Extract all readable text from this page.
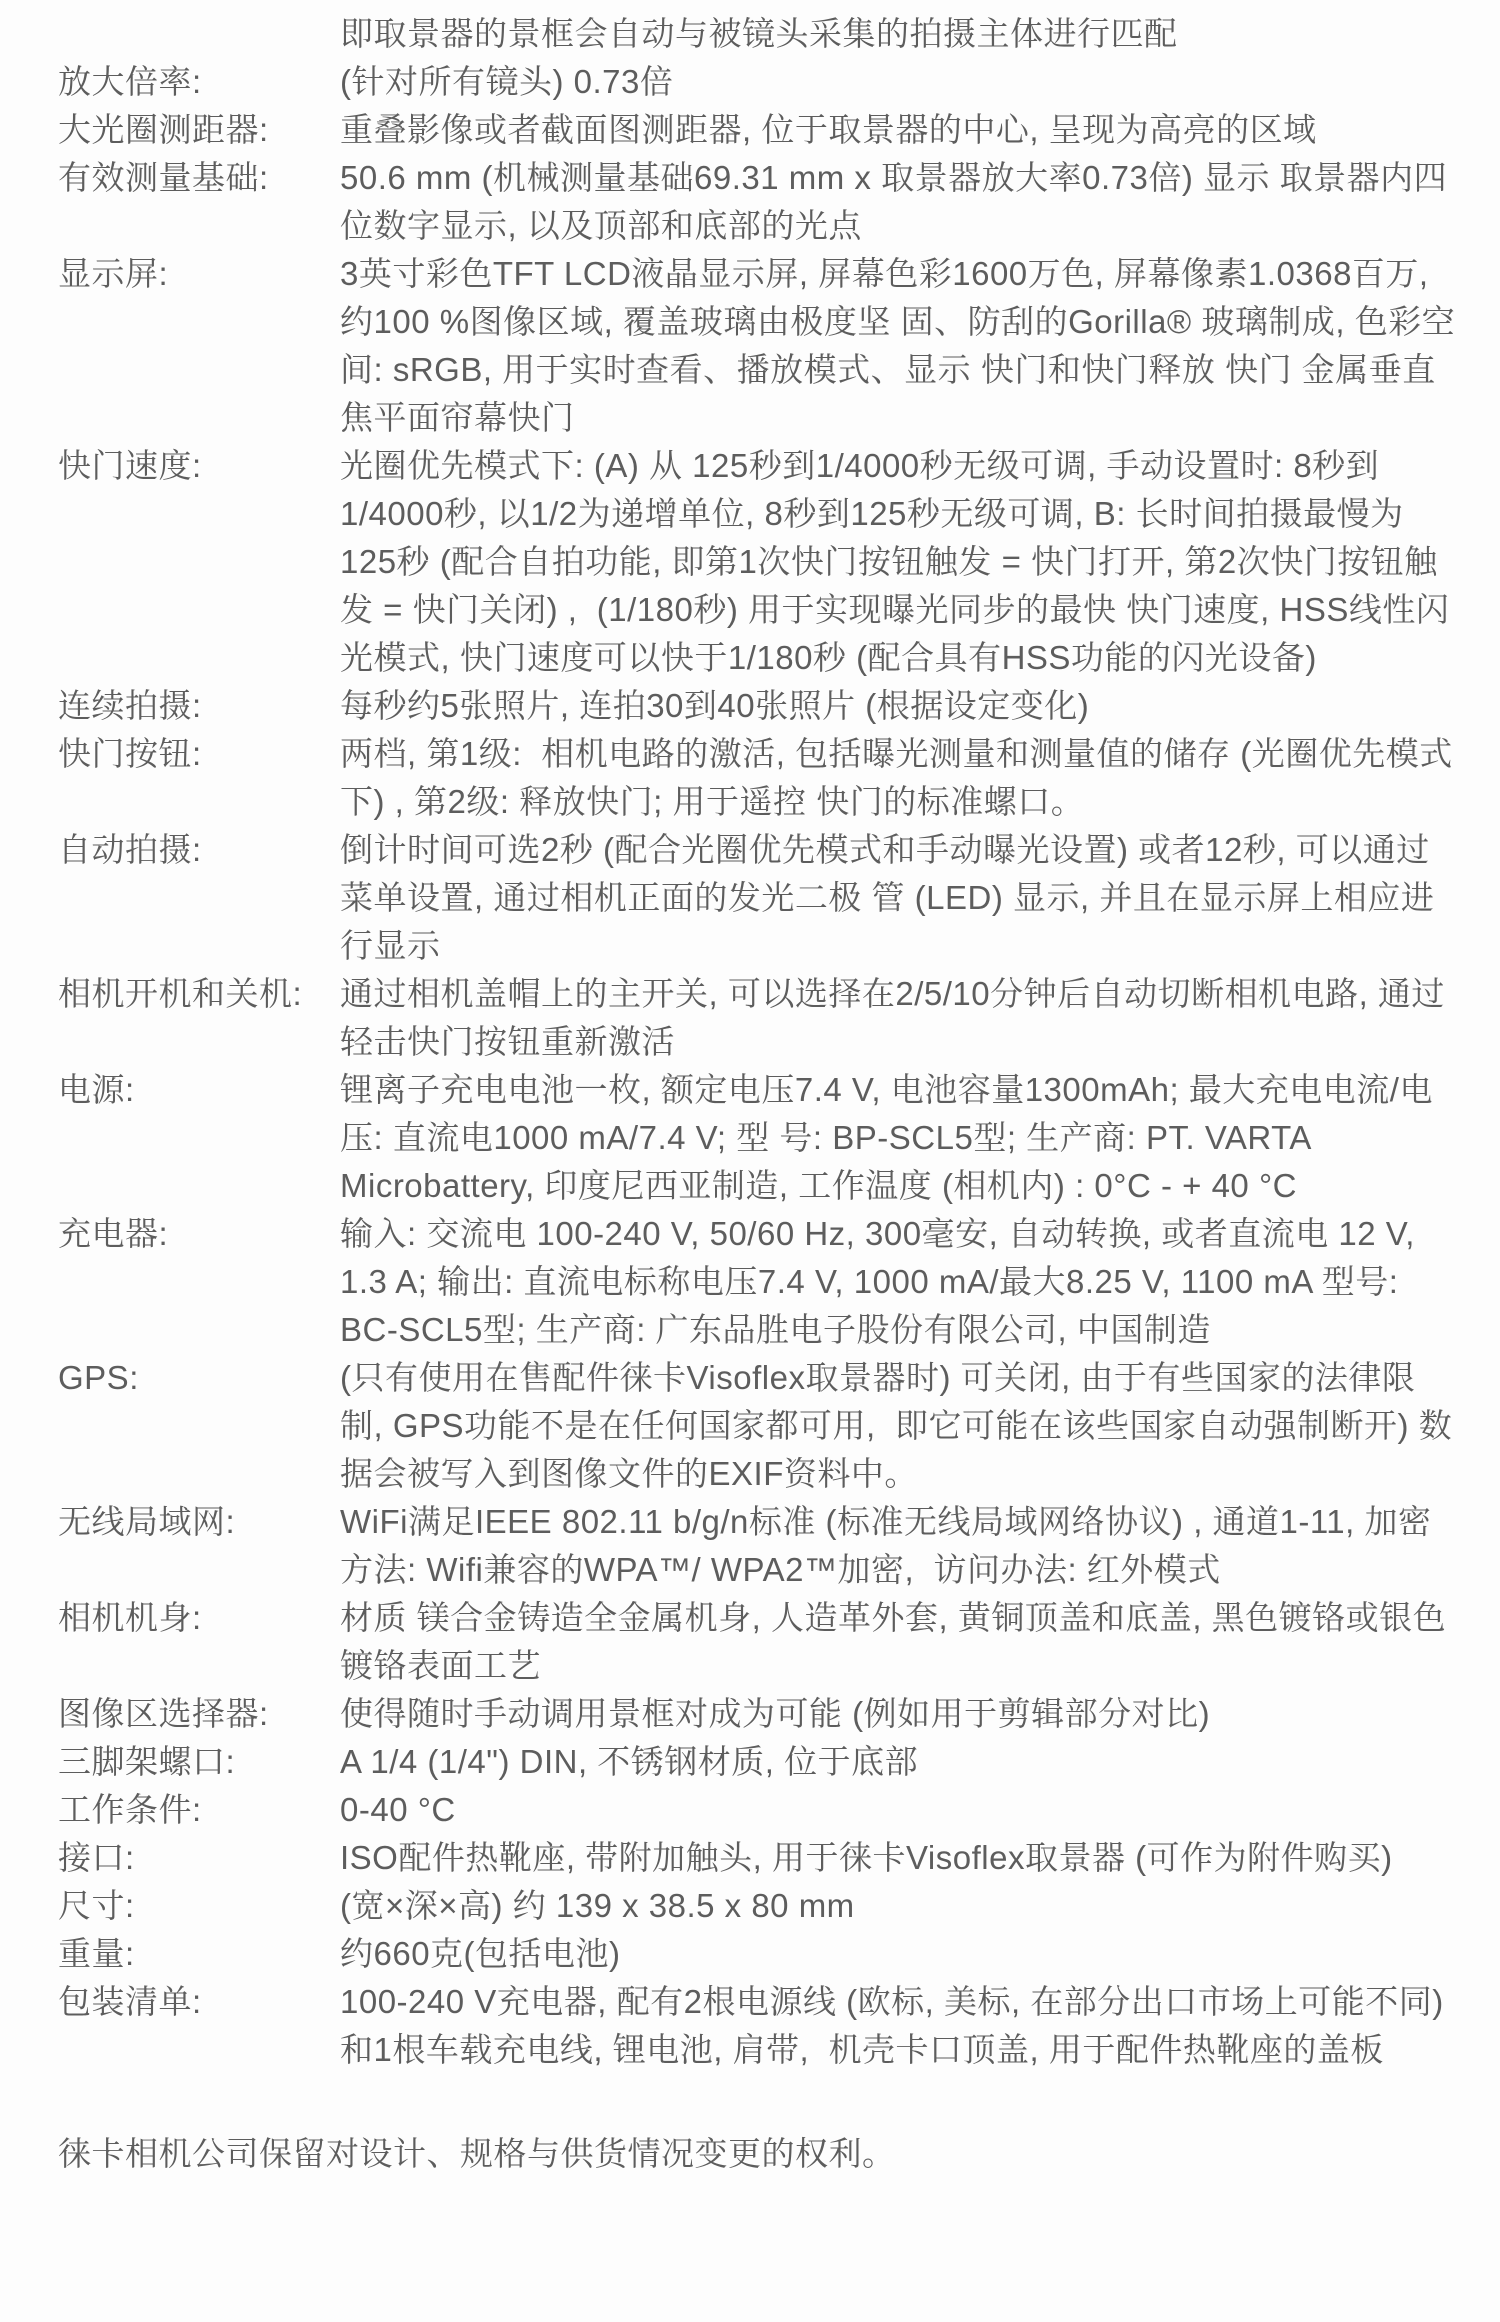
即取景器的景框会自动与被镜头采集的拍摄主体进行匹配
放大倍率:	(针对所有镜头) 0.73倍
大光圈测距器:	重叠影像或者截面图测距器, 位于取景器的中心, 呈现为高亮的区域
有效测量基础:	50.6 mm (机械测量基础69.31 mm x 取景器放大率0.73倍) 显示 取景器内四位数字显示, 以及顶部和底部的光点
显示屏:	3英寸彩色TFT LCD液晶显示屏, 屏幕色彩1600万色, 屏幕像素1.0368百万, 约100 %图像区域, 覆盖玻璃由极度坚 固、防刮的Gorilla® 玻璃制成, 色彩空间: sRGB, 用于实时查看、播放模式、显示 快门和快门释放 快门 金属垂直焦平面帘幕快门
快门速度:	光圈优先模式下: (A) 从 125秒到1/4000秒无级可调, 手动设置时: 8秒到1/4000秒, 以1/2为递增单位, 8秒到125秒无级可调, B: 长时间拍摄最慢为125秒 (配合自拍功能, 即第1次快门按钮触发 = 快门打开, 第2次快门按钮触发 = 快门关闭) ,  (1/180秒) 用于实现曝光同步的最快 快门速度, HSS线性闪光模式, 快门速度可以快于1/180秒 (配合具有HSS功能的闪光设备)
连续拍摄:	每秒约5张照片, 连拍30到40张照片 (根据设定变化)
快门按钮:	两档, 第1级:  相机电路的激活, 包括曝光测量和测量值的储存 (光圈优先模式下) , 第2级: 释放快门; 用于遥控 快门的标准螺口。
自动拍摄:	倒计时间可选2秒 (配合光圈优先模式和手动曝光设置) 或者12秒, 可以通过菜单设置, 通过相机正面的发光二极 管 (LED) 显示, 并且在显示屏上相应进行显示
相机开机和关机:	通过相机盖帽上的主开关, 可以选择在2/5/10分钟后自动切断相机电路, 通过轻击快门按钮重新激活
电源:	锂离子充电电池一枚, 额定电压7.4 V, 电池容量1300mAh; 最大充电电流/电压: 直流电1000 mA/7.4 V; 型 号: BP-SCL5型; 生产商: PT. VARTA Microbattery, 印度尼西亚制造, 工作温度 (相机内) : 0°C - + 40 °C
充电器:	输入: 交流电 100-240 V, 50/60 Hz, 300毫安, 自动转换, 或者直流电 12 V, 1.3 A; 输出: 直流电标称电压7.4 V, 1000 mA/最大8.25 V, 1100 mA 型号: BC-SCL5型; 生产商: 广东品胜电子股份有限公司, 中国制造
GPS:	(只有使用在售配件徕卡Visoflex取景器时) 可关闭, 由于有些国家的法律限制, GPS功能不是在任何国家都可用,  即它可能在该些国家自动强制断开) 数据会被写入到图像文件的EXIF资料中。
无线局域网:	WiFi满足IEEE 802.11 b/g/n标准 (标准无线局域网络协议) , 通道1-11, 加密方法: Wifi兼容的WPA™/ WPA2™加密,  访问办法: 红外模式
相机机身:	材质 镁合金铸造全金属机身, 人造革外套, 黄铜顶盖和底盖, 黑色镀铬或银色镀铬表面工艺
图像区选择器:	使得随时手动调用景框对成为可能 (例如用于剪辑部分对比)
三脚架螺口:	A 1/4 (1/4") DIN, 不锈钢材质, 位于底部
工作条件:	0-40 °C
接口:	ISO配件热靴座, 带附加触头, 用于徕卡Visoflex取景器 (可作为附件购买)
尺寸:	(宽×深×高) 约 139 x 38.5 x 80 mm
重量:	约660克(包括电池)
包装清单:	100-240 V充电器, 配有2根电源线 (欧标, 美标, 在部分出口市场上可能不同) 和1根车载充电线, 锂电池, 肩带,  机壳卡口顶盖, 用于配件热靴座的盖板
徕卡相机公司保留对设计、规格与供货情况变更的权利。
